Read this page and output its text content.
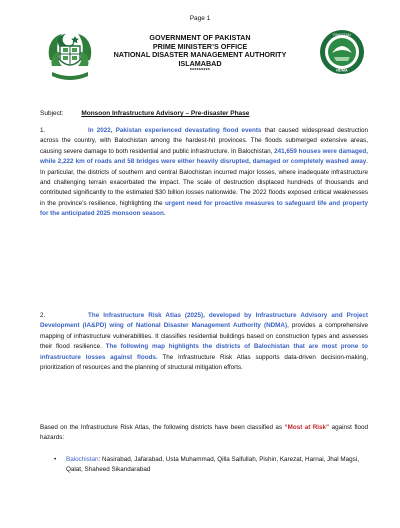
Page 1
GOVERNMENT OF PAKISTAN
PRIME MINISTER’S OFFICE
NATIONAL DISASTER MANAGEMENT AUTHORITY
ISLAMABAD
*********
PAKISTAN
NDMA
Subject:	Monsoon Infrastructure Advisory – Pre-disaster Phase
1.	In 2022, Pakistan experienced devastating flood events that caused widespread destruction across the country, with Balochistan among the hardest-hit provinces. The floods submerged extensive areas, causing severe damage to both residential and public infrastructure. In Balochistan, 241,659 houses were damaged, while 2,222 km of roads and 58 bridges were either heavily disrupted, damaged or completely washed away. In particular, the districts of southern and central Balochistan incurred major losses, where inadequate infrastructure and challenging terrain exacerbated the impact. The scale of destruction displaced hundreds of thousands and contributed significantly to the estimated $30 billion losses nationwide. The 2022 floods exposed critical weaknesses in the province’s resilience, highlighting the urgent need for proactive measures to safeguard life and property for the anticipated 2025 monsoon season.
2.	The Infrastructure Risk Atlas (2025), developed by Infrastructure Advisory and Project Development (IA&PD) wing of National Disaster Management Authority (NDMA), provides a comprehensive mapping of infrastructure vulnerabilities. It classifies residential buildings based on construction types and assesses their flood resilience. The following map highlights the districts of Balochistan that are most prone to infrastructure losses against floods. The Infrastructure Risk Atlas supports data-driven decision-making, prioritization of resources and the planning of structural mitigation efforts.
Based on the Infrastructure Risk Atlas, the following districts have been classified as “Most at Risk” against flood hazards:
•	Balochistan: Nasirabad, Jafarabad, Usta Muhammad, Qilla Saifullah, Pishin, Karezat, Harnai, Jhal Magsi, Qalat, Shaheed Sikandarabad
